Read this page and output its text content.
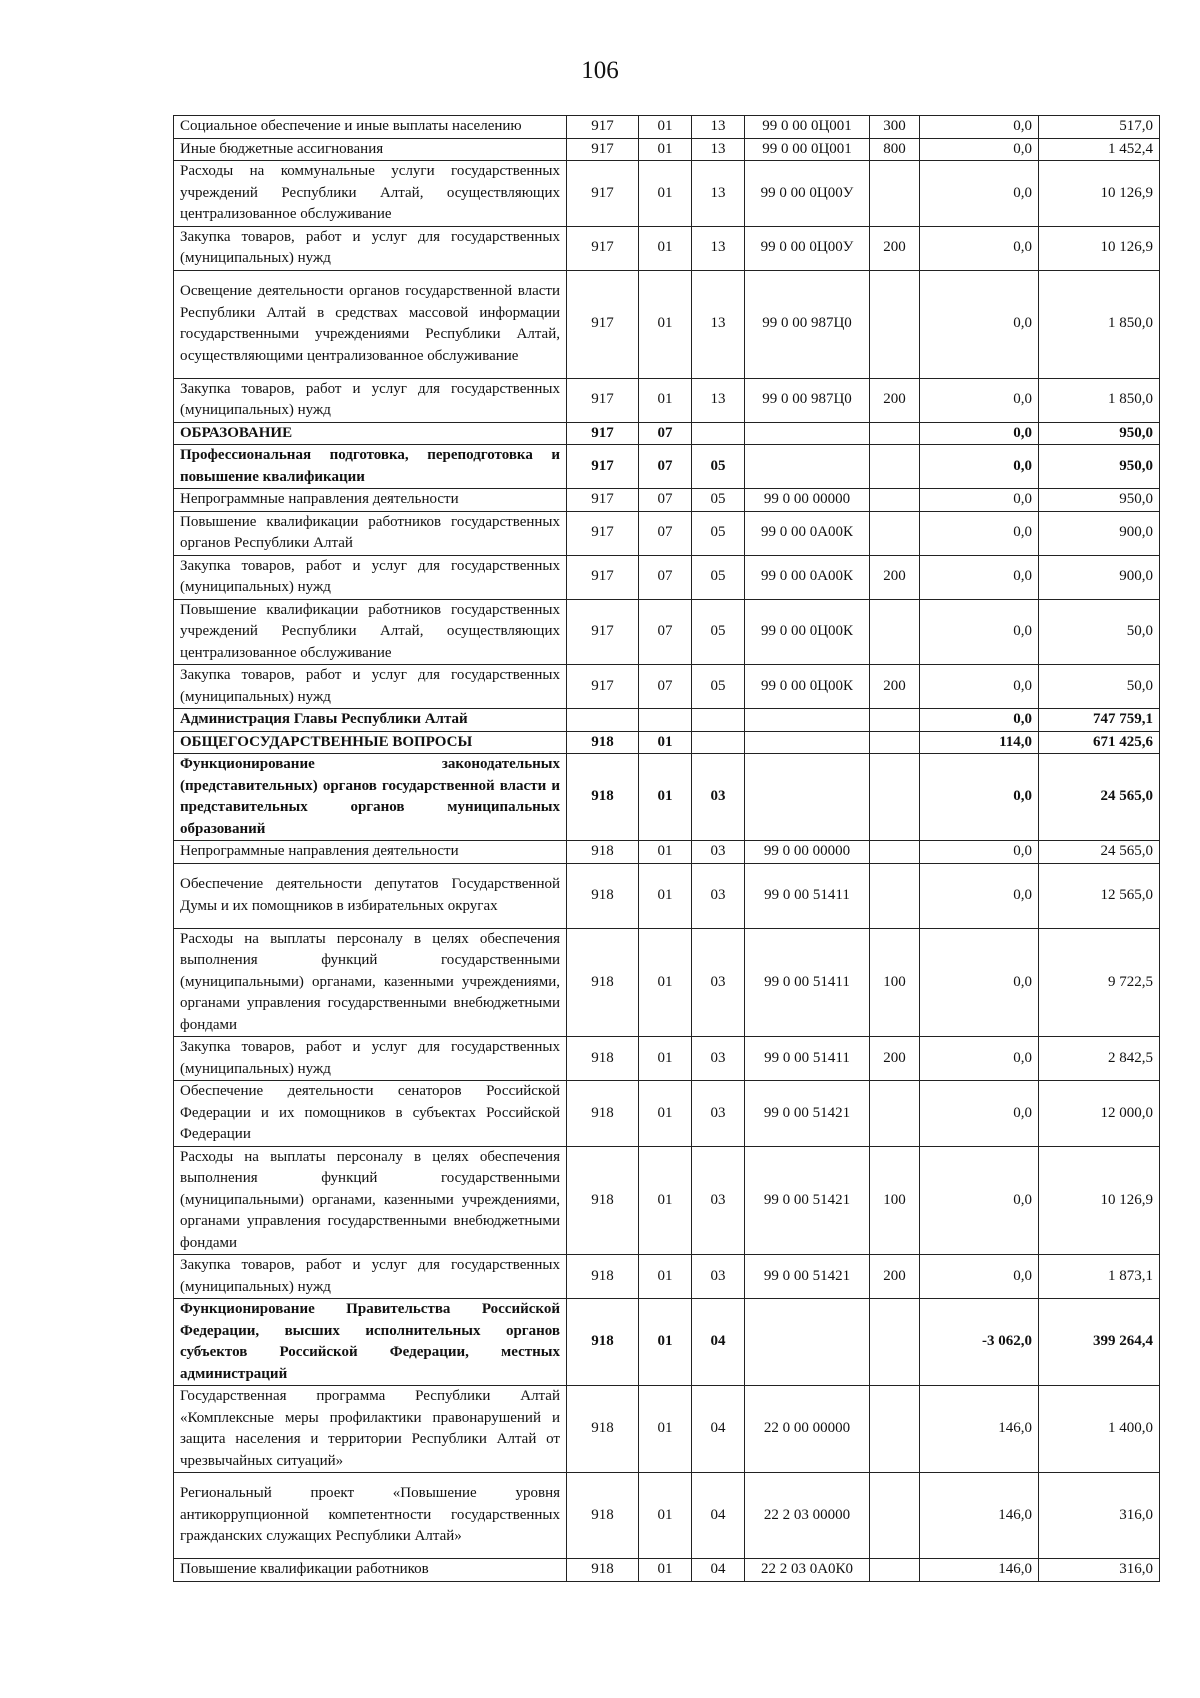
106
Социальное обеспечение и иные выплаты населению	917	01	13	99 0 00 0Ц001	300	0,0	517,0
Иные бюджетные ассигнования	917	01	13	99 0 00 0Ц001	800	0,0	1 452,4
Расходы на коммунальные услуги государственных учреждений Республики Алтай, осуществляющих централизованное обслуживание	917	01	13	99 0 00 0Ц00У		0,0	10 126,9
Закупка товаров, работ и услуг для государственных (муниципальных) нужд	917	01	13	99 0 00 0Ц00У	200	0,0	10 126,9
Освещение деятельности органов государственной власти Республики Алтай в средствах массовой информации государственными учреждениями Республики Алтай, осуществляющими централизованное обслуживание	917	01	13	99 0 00 987Ц0		0,0	1 850,0
Закупка товаров, работ и услуг для государственных (муниципальных) нужд	917	01	13	99 0 00 987Ц0	200	0,0	1 850,0
ОБРАЗОВАНИЕ	917	07				0,0	950,0
Профессиональная подготовка, переподготовка и повышение квалификации	917	07	05			0,0	950,0
Непрограммные направления деятельности	917	07	05	99 0 00 00000		0,0	950,0
Повышение квалификации работников государственных органов Республики Алтай	917	07	05	99 0 00 0А00К		0,0	900,0
Закупка товаров, работ и услуг для государственных (муниципальных) нужд	917	07	05	99 0 00 0А00К	200	0,0	900,0
Повышение квалификации работников государственных учреждений Республики Алтай, осуществляющих централизованное обслуживание	917	07	05	99 0 00 0Ц00К		0,0	50,0
Закупка товаров, работ и услуг для государственных (муниципальных) нужд	917	07	05	99 0 00 0Ц00К	200	0,0	50,0
Администрация Главы Республики Алтай						0,0	747 759,1
ОБЩЕГОСУДАРСТВЕННЫЕ ВОПРОСЫ	918	01				114,0	671 425,6
Функционирование законодательных (представительных) органов государственной власти и представительных органов муниципальных образований	918	01	03			0,0	24 565,0
Непрограммные направления деятельности	918	01	03	99 0 00 00000		0,0	24 565,0
Обеспечение деятельности депутатов Государственной Думы и их помощников в избирательных округах	918	01	03	99 0 00 51411		0,0	12 565,0
Расходы на выплаты персоналу в целях обеспечения выполнения функций государственными (муниципальными) органами, казенными учреждениями, органами управления государственными внебюджетными фондами	918	01	03	99 0 00 51411	100	0,0	9 722,5
Закупка товаров, работ и услуг для государственных (муниципальных) нужд	918	01	03	99 0 00 51411	200	0,0	2 842,5
Обеспечение деятельности сенаторов Российской Федерации и их помощников в субъектах Российской Федерации	918	01	03	99 0 00 51421		0,0	12 000,0
Расходы на выплаты персоналу в целях обеспечения выполнения функций государственными (муниципальными) органами, казенными учреждениями, органами управления государственными внебюджетными фондами	918	01	03	99 0 00 51421	100	0,0	10 126,9
Закупка товаров, работ и услуг для государственных (муниципальных) нужд	918	01	03	99 0 00 51421	200	0,0	1 873,1
Функционирование Правительства Российской Федерации, высших исполнительных органов субъектов Российской Федерации, местных администраций	918	01	04			-3 062,0	399 264,4
Государственная программа Республики Алтай «Комплексные меры профилактики правонарушений и защита населения и территории Республики Алтай от чрезвычайных ситуаций»	918	01	04	22 0 00 00000		146,0	1 400,0
Региональный проект «Повышение уровня антикоррупционной компетентности государственных гражданских служащих Республики Алтай»	918	01	04	22 2 03 00000		146,0	316,0
Повышение квалификации работников	918	01	04	22 2 03 0А0К0		146,0	316,0
